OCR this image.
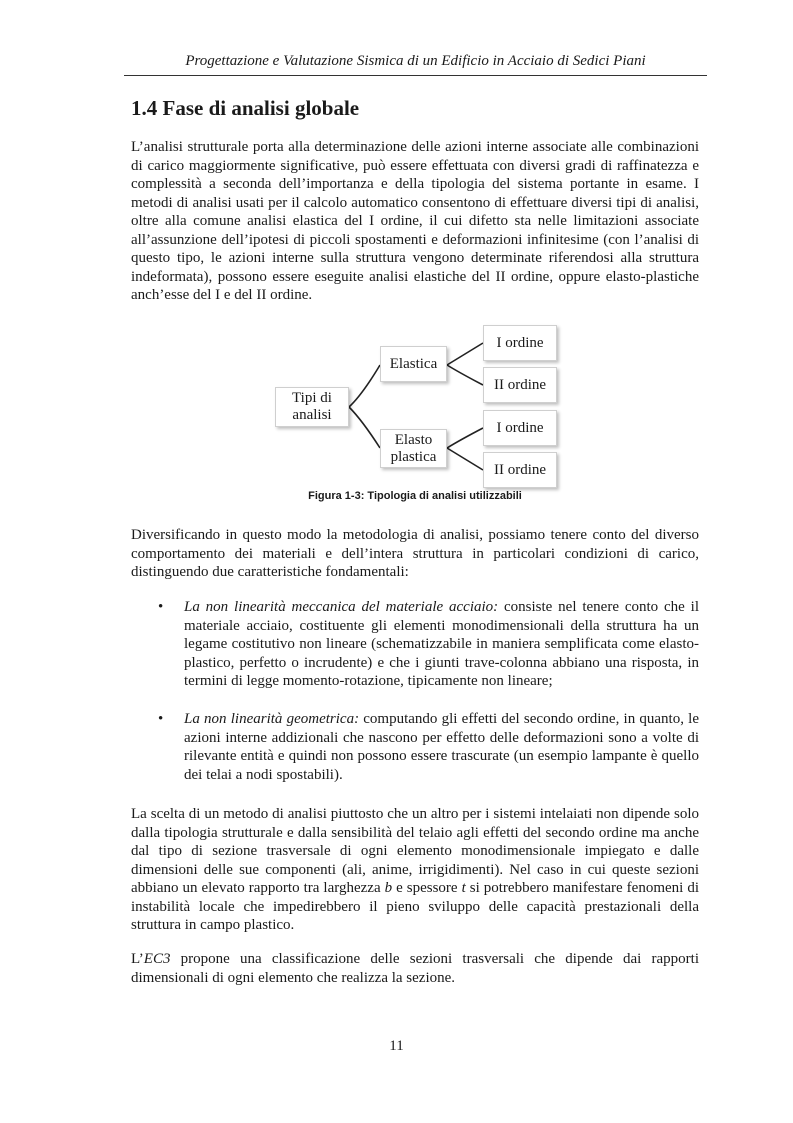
Progettazione e Valutazione Sismica di un Edificio in Acciaio di Sedici Piani
1.4 Fase di analisi globale

L’analisi strutturale porta alla determinazione delle azioni interne associate alle combinazioni di carico maggiormente significative, può essere effettuata con diversi gradi di raffinatezza e complessità a seconda dell’importanza e della tipologia del sistema portante in esame. I metodi di analisi usati per il calcolo automatico consentono di effettuare diversi tipi di analisi, oltre alla comune analisi elastica del I ordine, il cui difetto sta nelle limitazioni associate all’assunzione dell’ipotesi di piccoli spostamenti e deformazioni infinitesime (con l’analisi di questo tipo, le azioni interne sulla struttura vengono determinate riferendosi alla struttura indeformata), possono essere eseguite analisi elastiche del II ordine, oppure elasto-plastiche anch’esse del I e del II ordine.

Tipi di analisi
Elastica
Elasto plastica
I ordine
II ordine
I ordine
II ordine
Figura 1-3: Tipologia di analisi utilizzabili

Diversificando in questo modo la metodologia di analisi, possiamo tenere conto del diverso comportamento dei materiali e dell’intera struttura in particolari condizioni di carico, distinguendo due caratteristiche fondamentali:

• La non linearità meccanica del materiale acciaio: consiste nel tenere conto che il materiale acciaio, costituente gli elementi monodimensionali della struttura ha un legame costitutivo non lineare (schematizzabile in maniera semplificata come elasto-plastico, perfetto o incrudente) e che i giunti trave-colonna abbiano una risposta, in termini di legge momento-rotazione, tipicamente non lineare;
• La non linearità geometrica: computando gli effetti del secondo ordine, in quanto, le azioni interne addizionali che nascono per effetto delle deformazioni sono a volte di rilevante entità e quindi non possono essere trascurate (un esempio lampante è quello dei telai a nodi spostabili).

La scelta di un metodo di analisi piuttosto che un altro per i sistemi intelaiati non dipende solo dalla tipologia strutturale e dalla sensibilità del telaio agli effetti del secondo ordine ma anche dal tipo di sezione trasversale di ogni elemento monodimensionale impiegato e dalle dimensioni delle sue componenti (ali, anime, irrigidimenti). Nel caso in cui queste sezioni abbiano un elevato rapporto tra larghezza b e spessore t si potrebbero manifestare fenomeni di instabilità locale che impedirebbero il pieno sviluppo delle capacità prestazionali della struttura in campo plastico.

L’EC3 propone una classificazione delle sezioni trasversali che dipende dai rapporti dimensionali di ogni elemento che realizza la sezione.

11
